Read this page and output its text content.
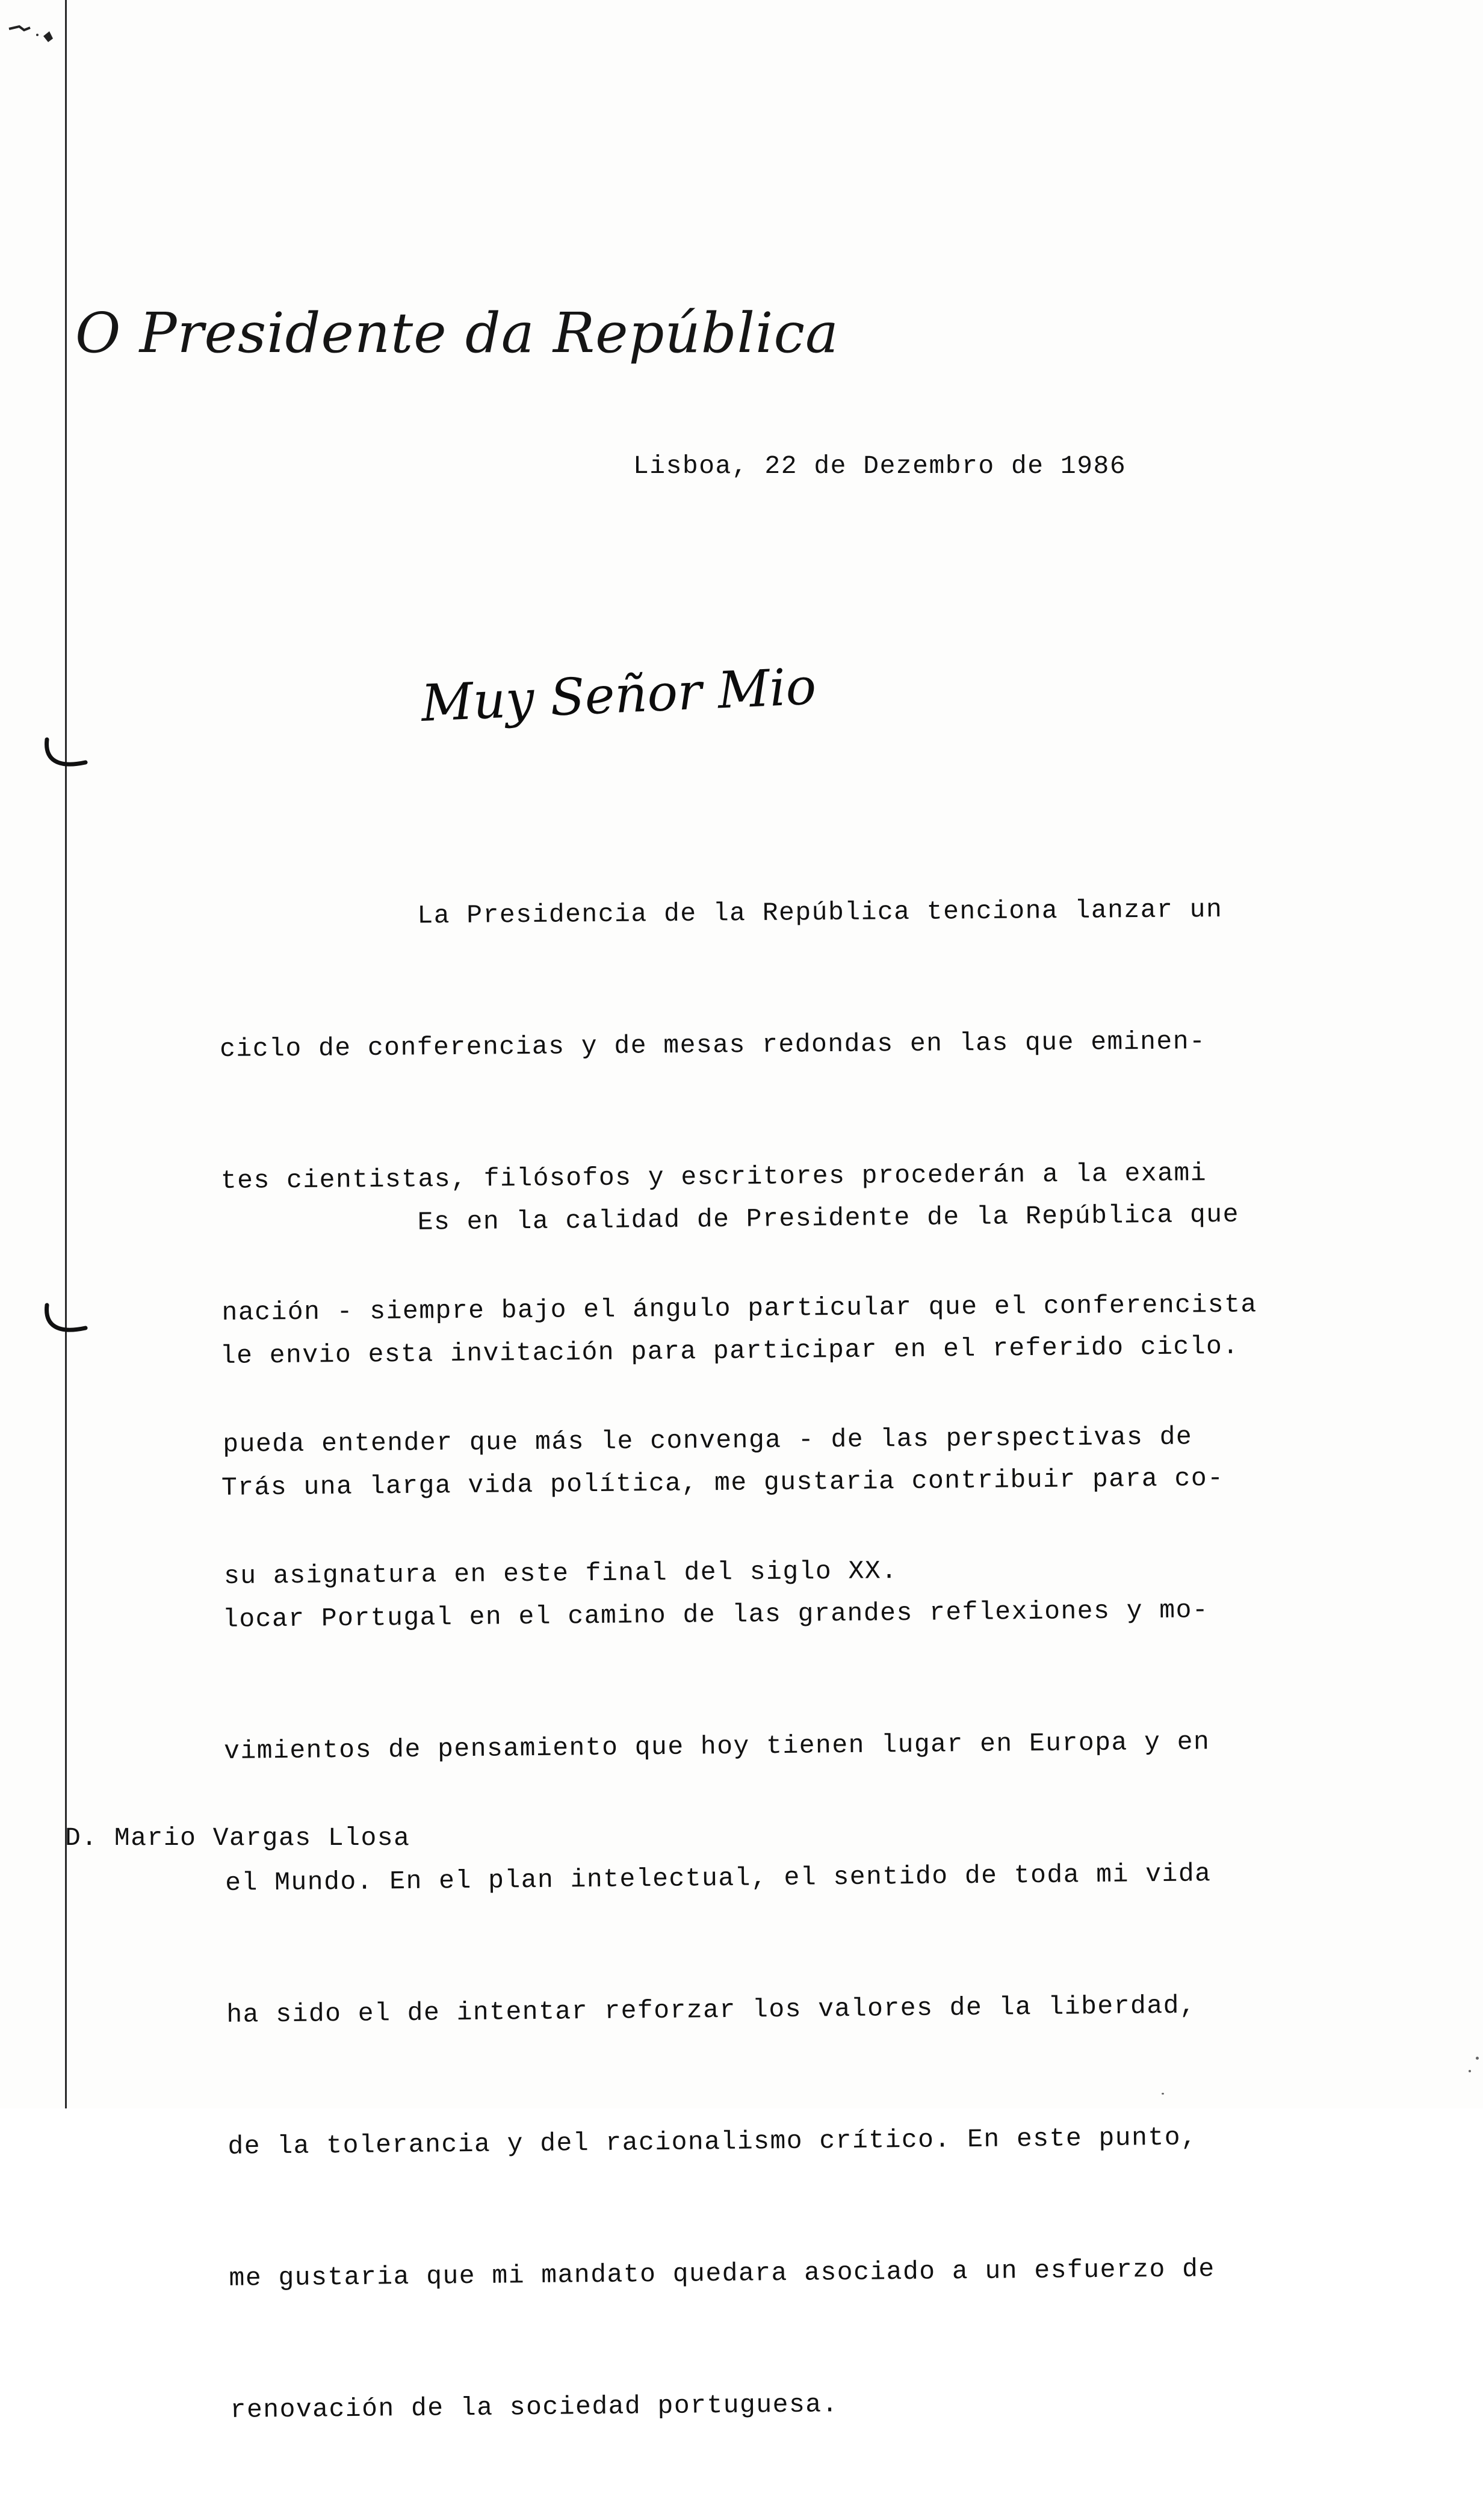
O Presidente da República
Lisboa, 22 de Dezembro de 1986
Muy Señor Mio

La Presidencia de la República tenciona lanzar un

ciclo de conferencias y de mesas redondas en las que eminen-

tes cientistas, filósofos y escritores procederán a la exami

nación - siempre bajo el ángulo particular que el conferencista

pueda entender que más le convenga - de las perspectivas de

su asignatura en este final del siglo XX.

Es en la calidad de Presidente de la República que

le envio esta invitación para participar en el referido ciclo.

Trás una larga vida política, me gustaria contribuir para co-

locar Portugal en el camino de las grandes reflexiones y mo-

vimientos de pensamiento que hoy tienen lugar en Europa y en

el Mundo. En el plan intelectual, el sentido de toda mi vida

ha sido el de intentar reforzar los valores de la liberdad,

de la tolerancia y del racionalismo crítico. En este punto,

me gustaria que mi mandato quedara asociado a un esfuerzo de

renovación de la sociedad portuguesa.

D. Mario Vargas Llosa
